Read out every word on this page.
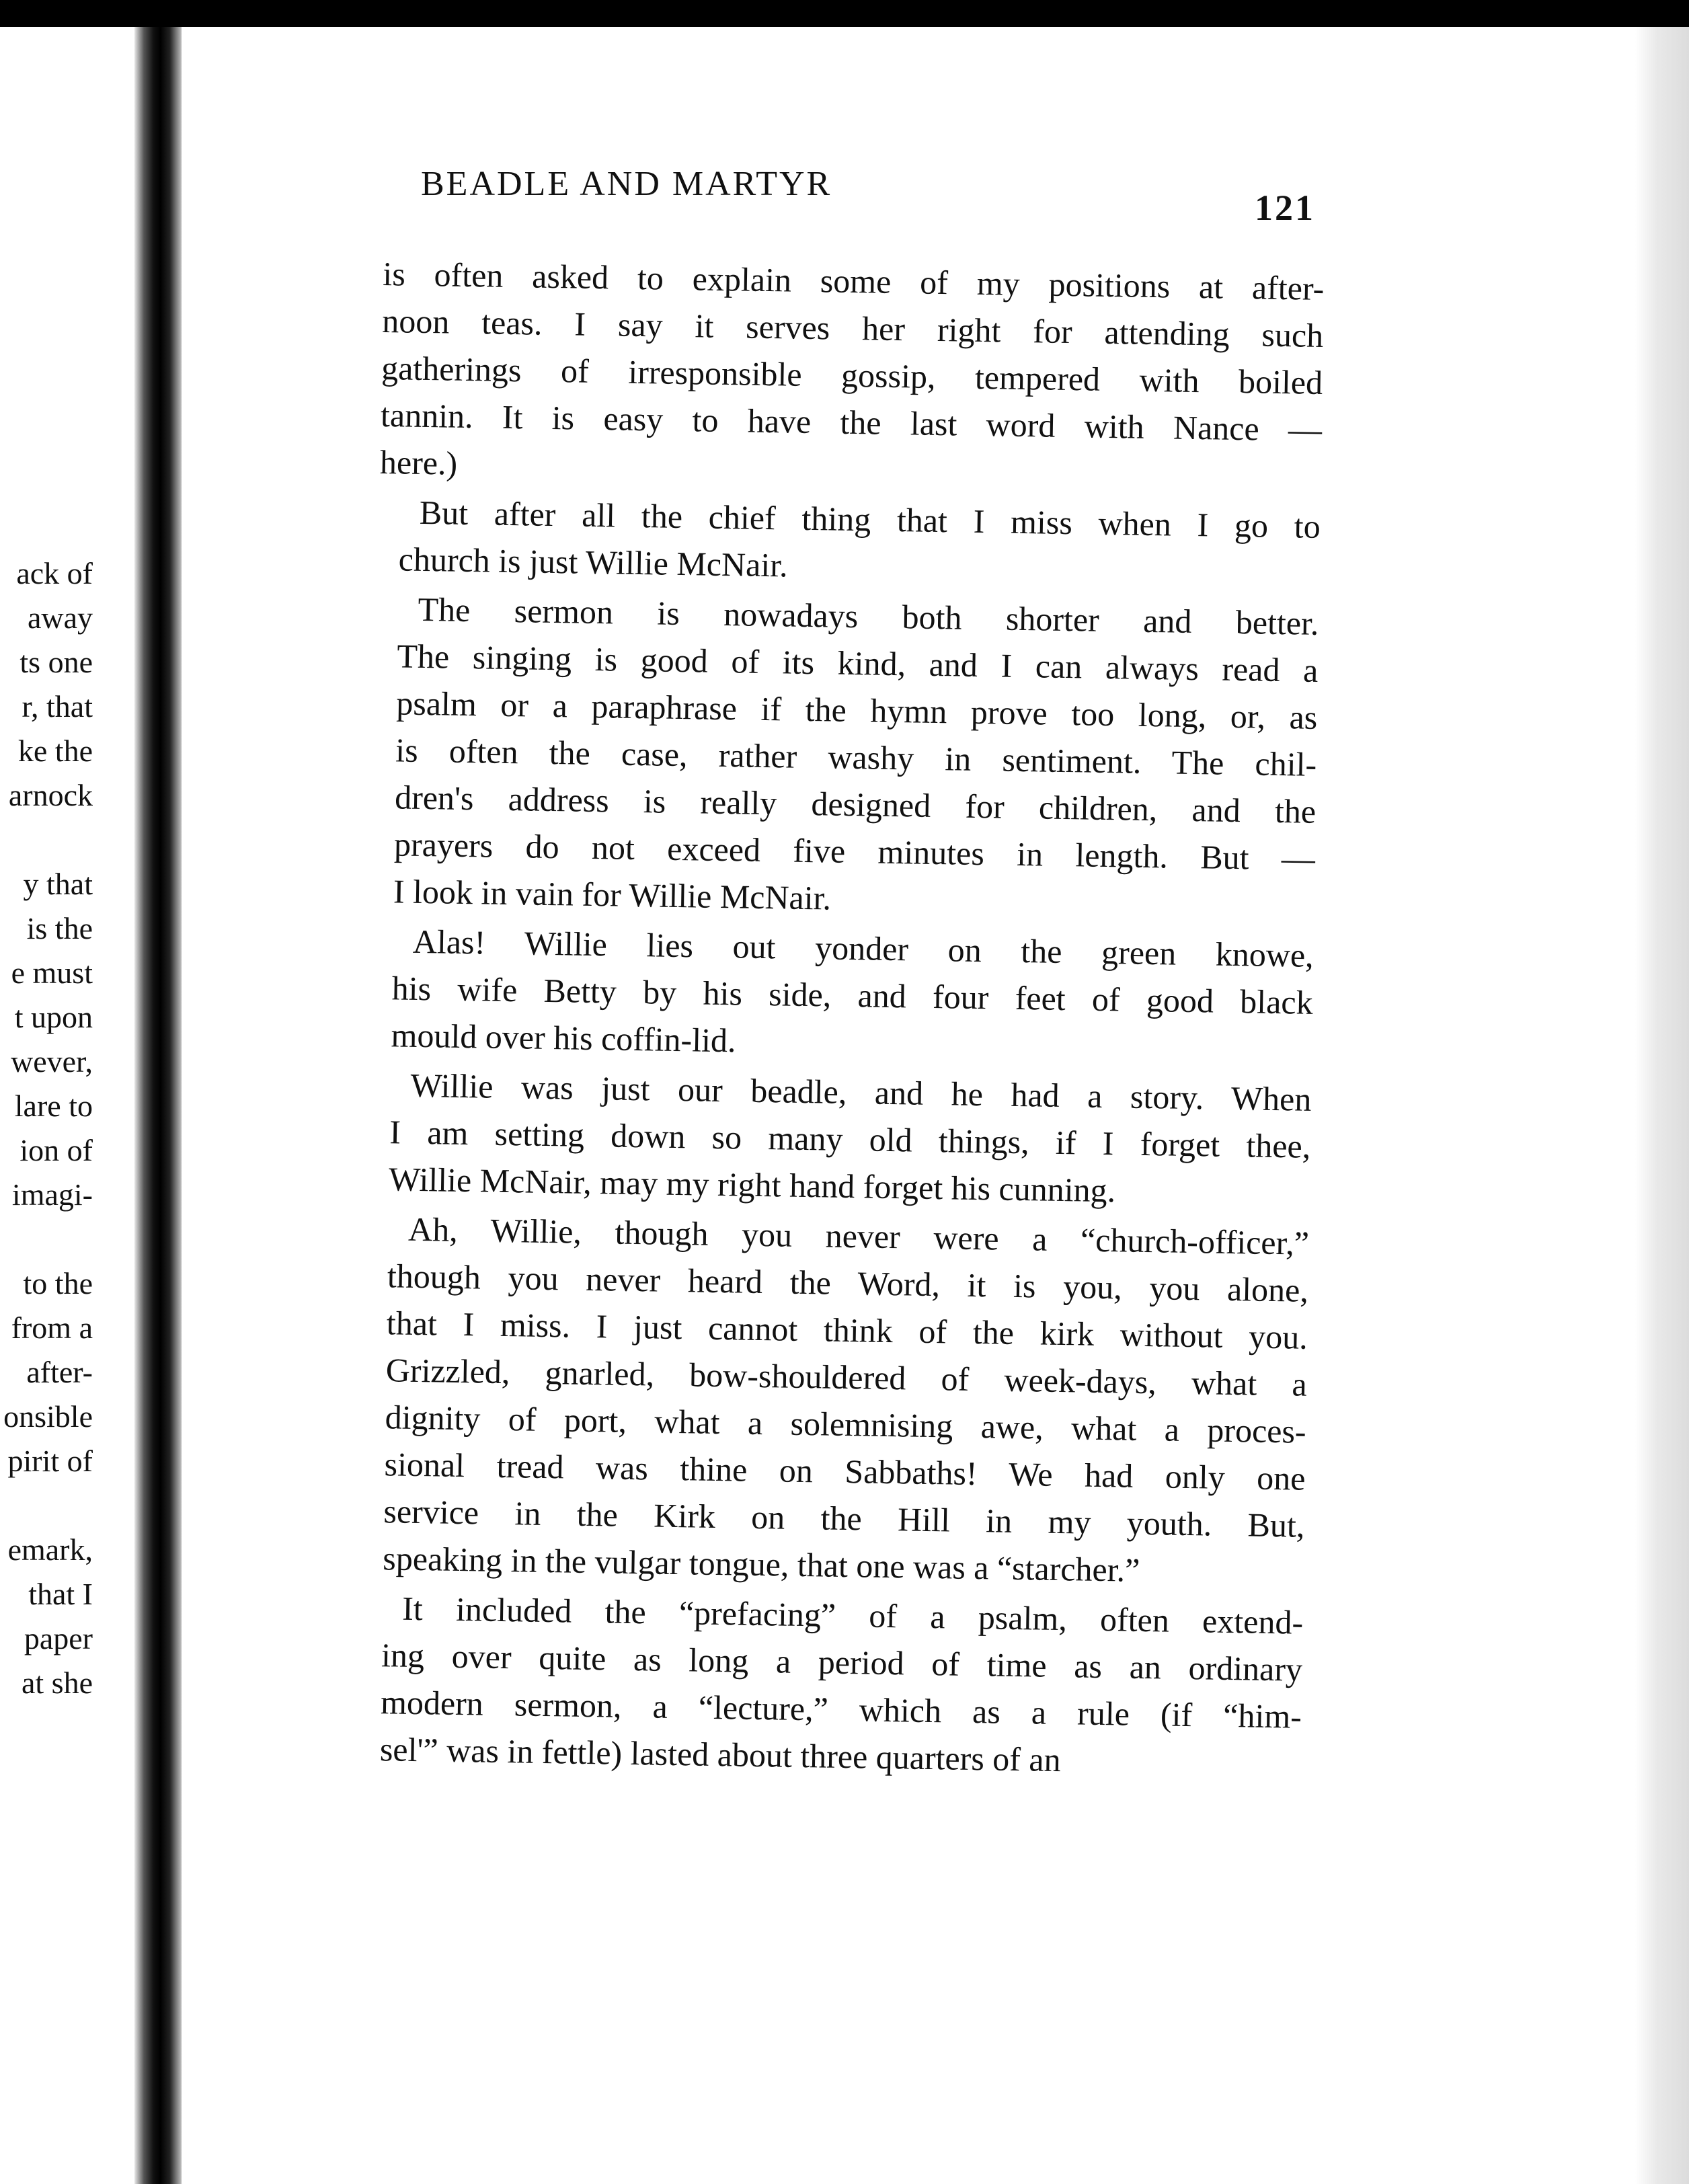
ack of
away
ts one
r, that
ke the
arnock
y that
is the
e must
t upon
wever,
lare to
ion of
imagi-
to the
from a
after-
onsible
pirit of
emark,
that I
paper
at she
BEADLE AND MARTYR
121
is often asked to explain some of my positions at after-
noon teas. I say it serves her right for attending such
gatherings of irresponsible gossip, tempered with boiled
tannin. It is easy to have the last word with Nance —
here.)
But after all the chief thing that I miss when I go to
church is just Willie McNair.
The sermon is nowadays both shorter and better.
The singing is good of its kind, and I can always read a
psalm or a paraphrase if the hymn prove too long, or, as
is often the case, rather washy in sentiment. The chil-
dren's address is really designed for children, and the
prayers do not exceed five minutes in length. But —
I look in vain for Willie McNair.
Alas! Willie lies out yonder on the green knowe,
his wife Betty by his side, and four feet of good black
mould over his coffin-lid.
Willie was just our beadle, and he had a story. When
I am setting down so many old things, if I forget thee,
Willie McNair, may my right hand forget his cunning.
Ah, Willie, though you never were a “church-officer,”
though you never heard the Word, it is you, you alone,
that I miss. I just cannot think of the kirk without you.
Grizzled, gnarled, bow-shouldered of week-days, what a
dignity of port, what a solemnising awe, what a proces-
sional tread was thine on Sabbaths! We had only one
service in the Kirk on the Hill in my youth. But,
speaking in the vulgar tongue, that one was a “starcher.”
It included the “prefacing” of a psalm, often extend-
ing over quite as long a period of time as an ordinary
modern sermon, a “lecture,” which as a rule (if “him-
sel'” was in fettle) lasted about three quarters of an
